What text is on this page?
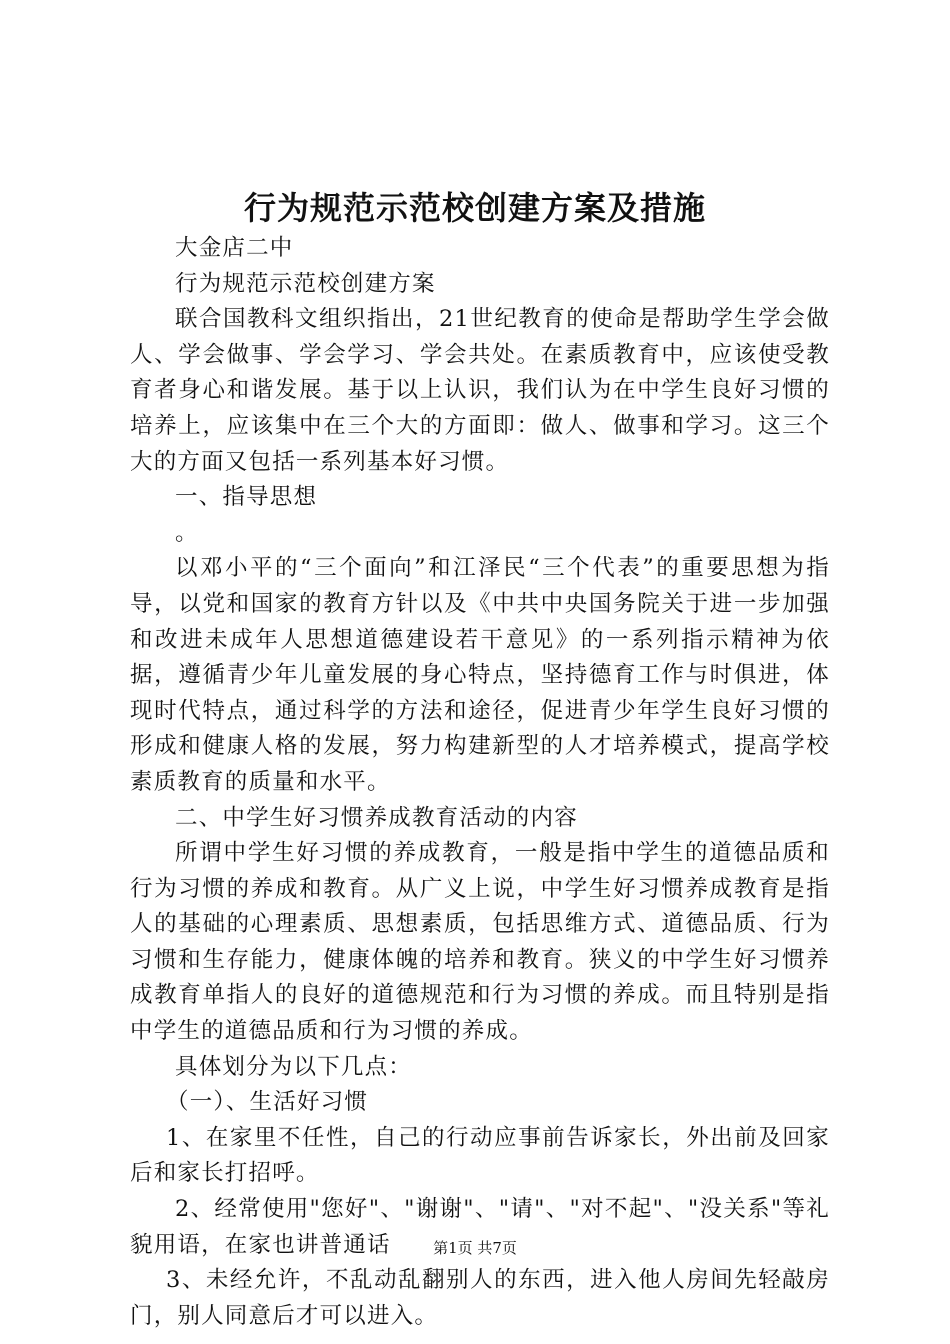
行为规范示范校创建方案及措施

大金店二中

行为规范示范校创建方案

联合国教科文组织指出，21世纪教育的使命是帮助学生学会做人、学会做事、学会学习、学会共处。在素质教育中，应该使受教育者身心和谐发展。基于以上认识，我们认为在中学生良好习惯的培养上，应该集中在三个大的方面即：做人、做事和学习。这三个大的方面又包括一系列基本好习惯。

一、指导思想

。

以邓小平的“三个面向”和江泽民“三个代表”的重要思想为指导，以党和国家的教育方针以及《中共中央国务院关于进一步加强和改进未成年人思想道德建设若干意见》的一系列指示精神为依据，遵循青少年儿童发展的身心特点，坚持德育工作与时俱进，体现时代特点，通过科学的方法和途径，促进青少年学生良好习惯的形成和健康人格的发展，努力构建新型的人才培养模式，提高学校素质教育的质量和水平。

二、中学生好习惯养成教育活动的内容

所谓中学生好习惯的养成教育，一般是指中学生的道德品质和行为习惯的养成和教育。从广义上说，中学生好习惯养成教育是指人的基础的心理素质、思想素质，包括思维方式、道德品质、行为习惯和生存能力，健康体魄的培养和教育。狭义的中学生好习惯养成教育单指人的良好的道德规范和行为习惯的养成。而且特别是指中学生的道德品质和行为习惯的养成。

具体划分为以下几点：

（一）、生活好习惯

1、在家里不任性，自己的行动应事前告诉家长，外出前及回家后和家长打招呼。

2、经常使用"您好"、"谢谢"、"请"、"对不起"、"没关系"等礼貌用语，在家也讲普通话

3、未经允许，不乱动乱翻别人的东西，进入他人房间先轻敲房门，别人同意后才可以进入。

第1页 共7页
